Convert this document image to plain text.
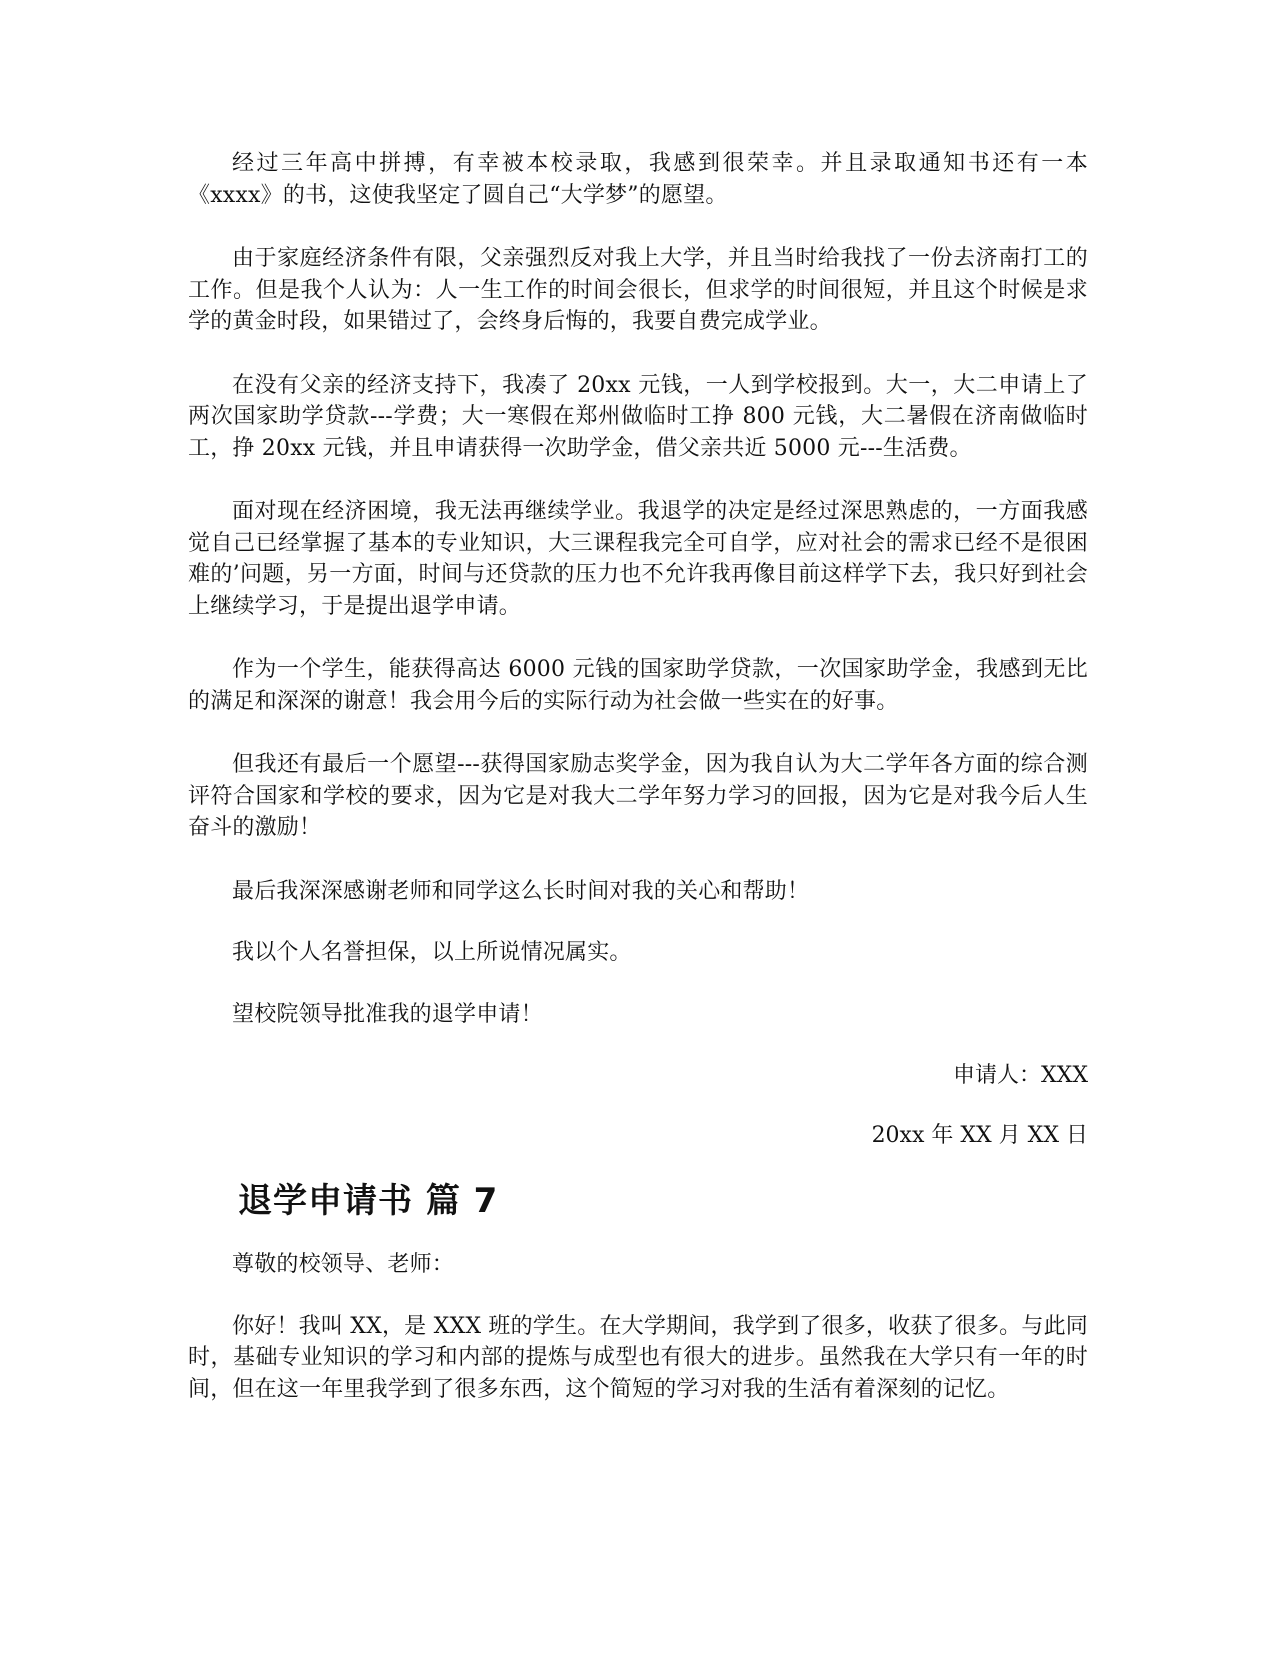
经过三年高中拼搏，有幸被本校录取，我感到很荣幸。并且录取通知书还有一本《xxxx》的书，这使我坚定了圆自己“大学梦”的愿望。

由于家庭经济条件有限，父亲强烈反对我上大学，并且当时给我找了一份去济南打工的工作。但是我个人认为：人一生工作的时间会很长，但求学的时间很短，并且这个时候是求学的黄金时段，如果错过了，会终身后悔的，我要自费完成学业。

在没有父亲的经济支持下，我凑了 20xx 元钱，一人到学校报到。大一，大二申请上了两次国家助学贷款---学费；大一寒假在郑州做临时工挣 800 元钱，大二暑假在济南做临时工，挣 20xx 元钱，并且申请获得一次助学金，借父亲共近 5000 元---生活费。

面对现在经济困境，我无法再继续学业。我退学的决定是经过深思熟虑的，一方面我感觉自己已经掌握了基本的专业知识，大三课程我完全可自学，应对社会的需求已经不是很困难的’问题，另一方面，时间与还贷款的压力也不允许我再像目前这样学下去，我只好到社会上继续学习，于是提出退学申请。

作为一个学生，能获得高达 6000 元钱的国家助学贷款，一次国家助学金，我感到无比的满足和深深的谢意！我会用今后的实际行动为社会做一些实在的好事。

但我还有最后一个愿望---获得国家励志奖学金，因为我自认为大二学年各方面的综合测评符合国家和学校的要求，因为它是对我大二学年努力学习的回报，因为它是对我今后人生奋斗的激励！

最后我深深感谢老师和同学这么长时间对我的关心和帮助！

我以个人名誉担保，以上所说情况属实。

望校院领导批准我的退学申请！

申请人：XXX

20xx 年 XX 月 XX 日

退学申请书 篇 7

尊敬的校领导、老师：

你好！我叫 XX，是 XXX 班的学生。在大学期间，我学到了很多，收获了很多。与此同时，基础专业知识的学习和内部的提炼与成型也有很大的进步。虽然我在大学只有一年的时间，但在这一年里我学到了很多东西，这个简短的学习对我的生活有着深刻的记忆。
